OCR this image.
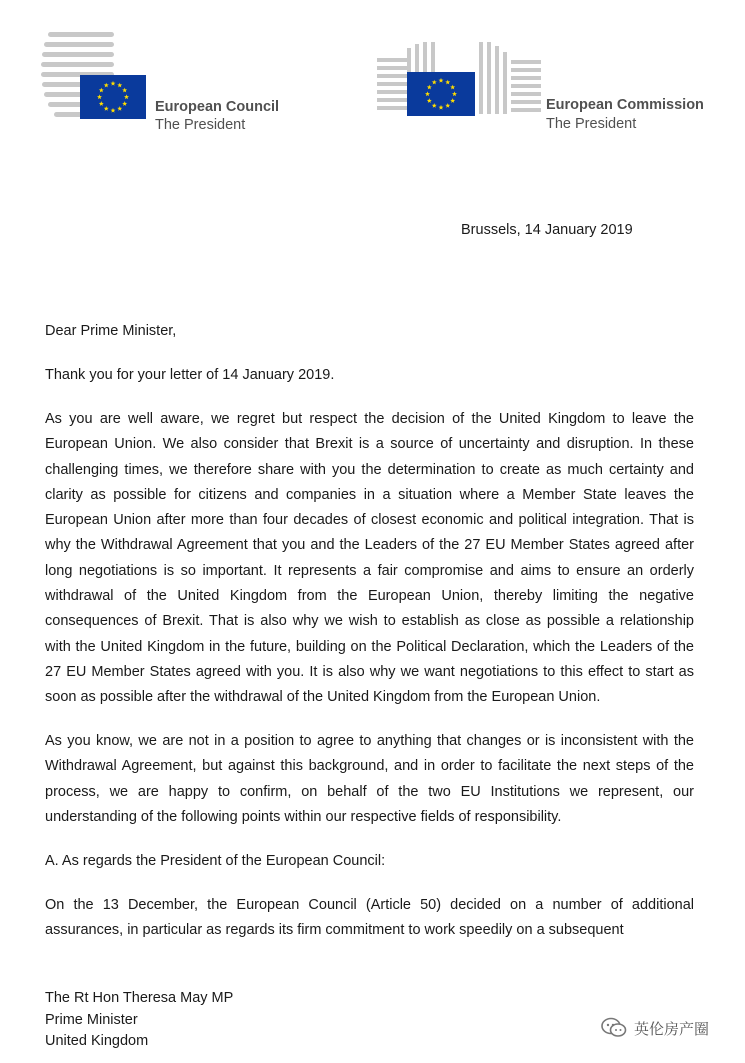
European Council
The President
European Commission
The President
Brussels, 14 January 2019

Dear Prime Minister,

Thank you for your letter of 14 January 2019.

As you are well aware, we regret but respect the decision of the United Kingdom to leave the European Union. We also consider that Brexit is a source of uncertainty and disruption. In these challenging times, we therefore share with you the determination to create as much certainty and clarity as possible for citizens and companies in a situation where a Member State leaves the European Union after more than four decades of closest economic and political integration. That is why the Withdrawal Agreement that you and the Leaders of the 27 EU Member States agreed after long negotiations is so important. It represents a fair compromise and aims to ensure an orderly withdrawal of the United Kingdom from the European Union, thereby limiting the negative consequences of Brexit. That is also why we wish to establish as close as possible a relationship with the United Kingdom in the future, building on the Political Declaration, which the Leaders of the 27 EU Member States agreed with you. It is also why we want negotiations to this effect to start as soon as possible after the withdrawal of the United Kingdom from the European Union.

As you know, we are not in a position to agree to anything that changes or is inconsistent with the Withdrawal Agreement, but against this background, and in order to facilitate the next steps of the process, we are happy to confirm, on behalf of the two EU Institutions we represent, our understanding of the following points within our respective fields of responsibility.

A. As regards the President of the European Council:

On the 13 December, the European Council (Article 50) decided on a number of additional assurances, in particular as regards its firm commitment to work speedily on a subsequent

The Rt Hon Theresa May MP
Prime Minister
United Kingdom
英伦房产圈
